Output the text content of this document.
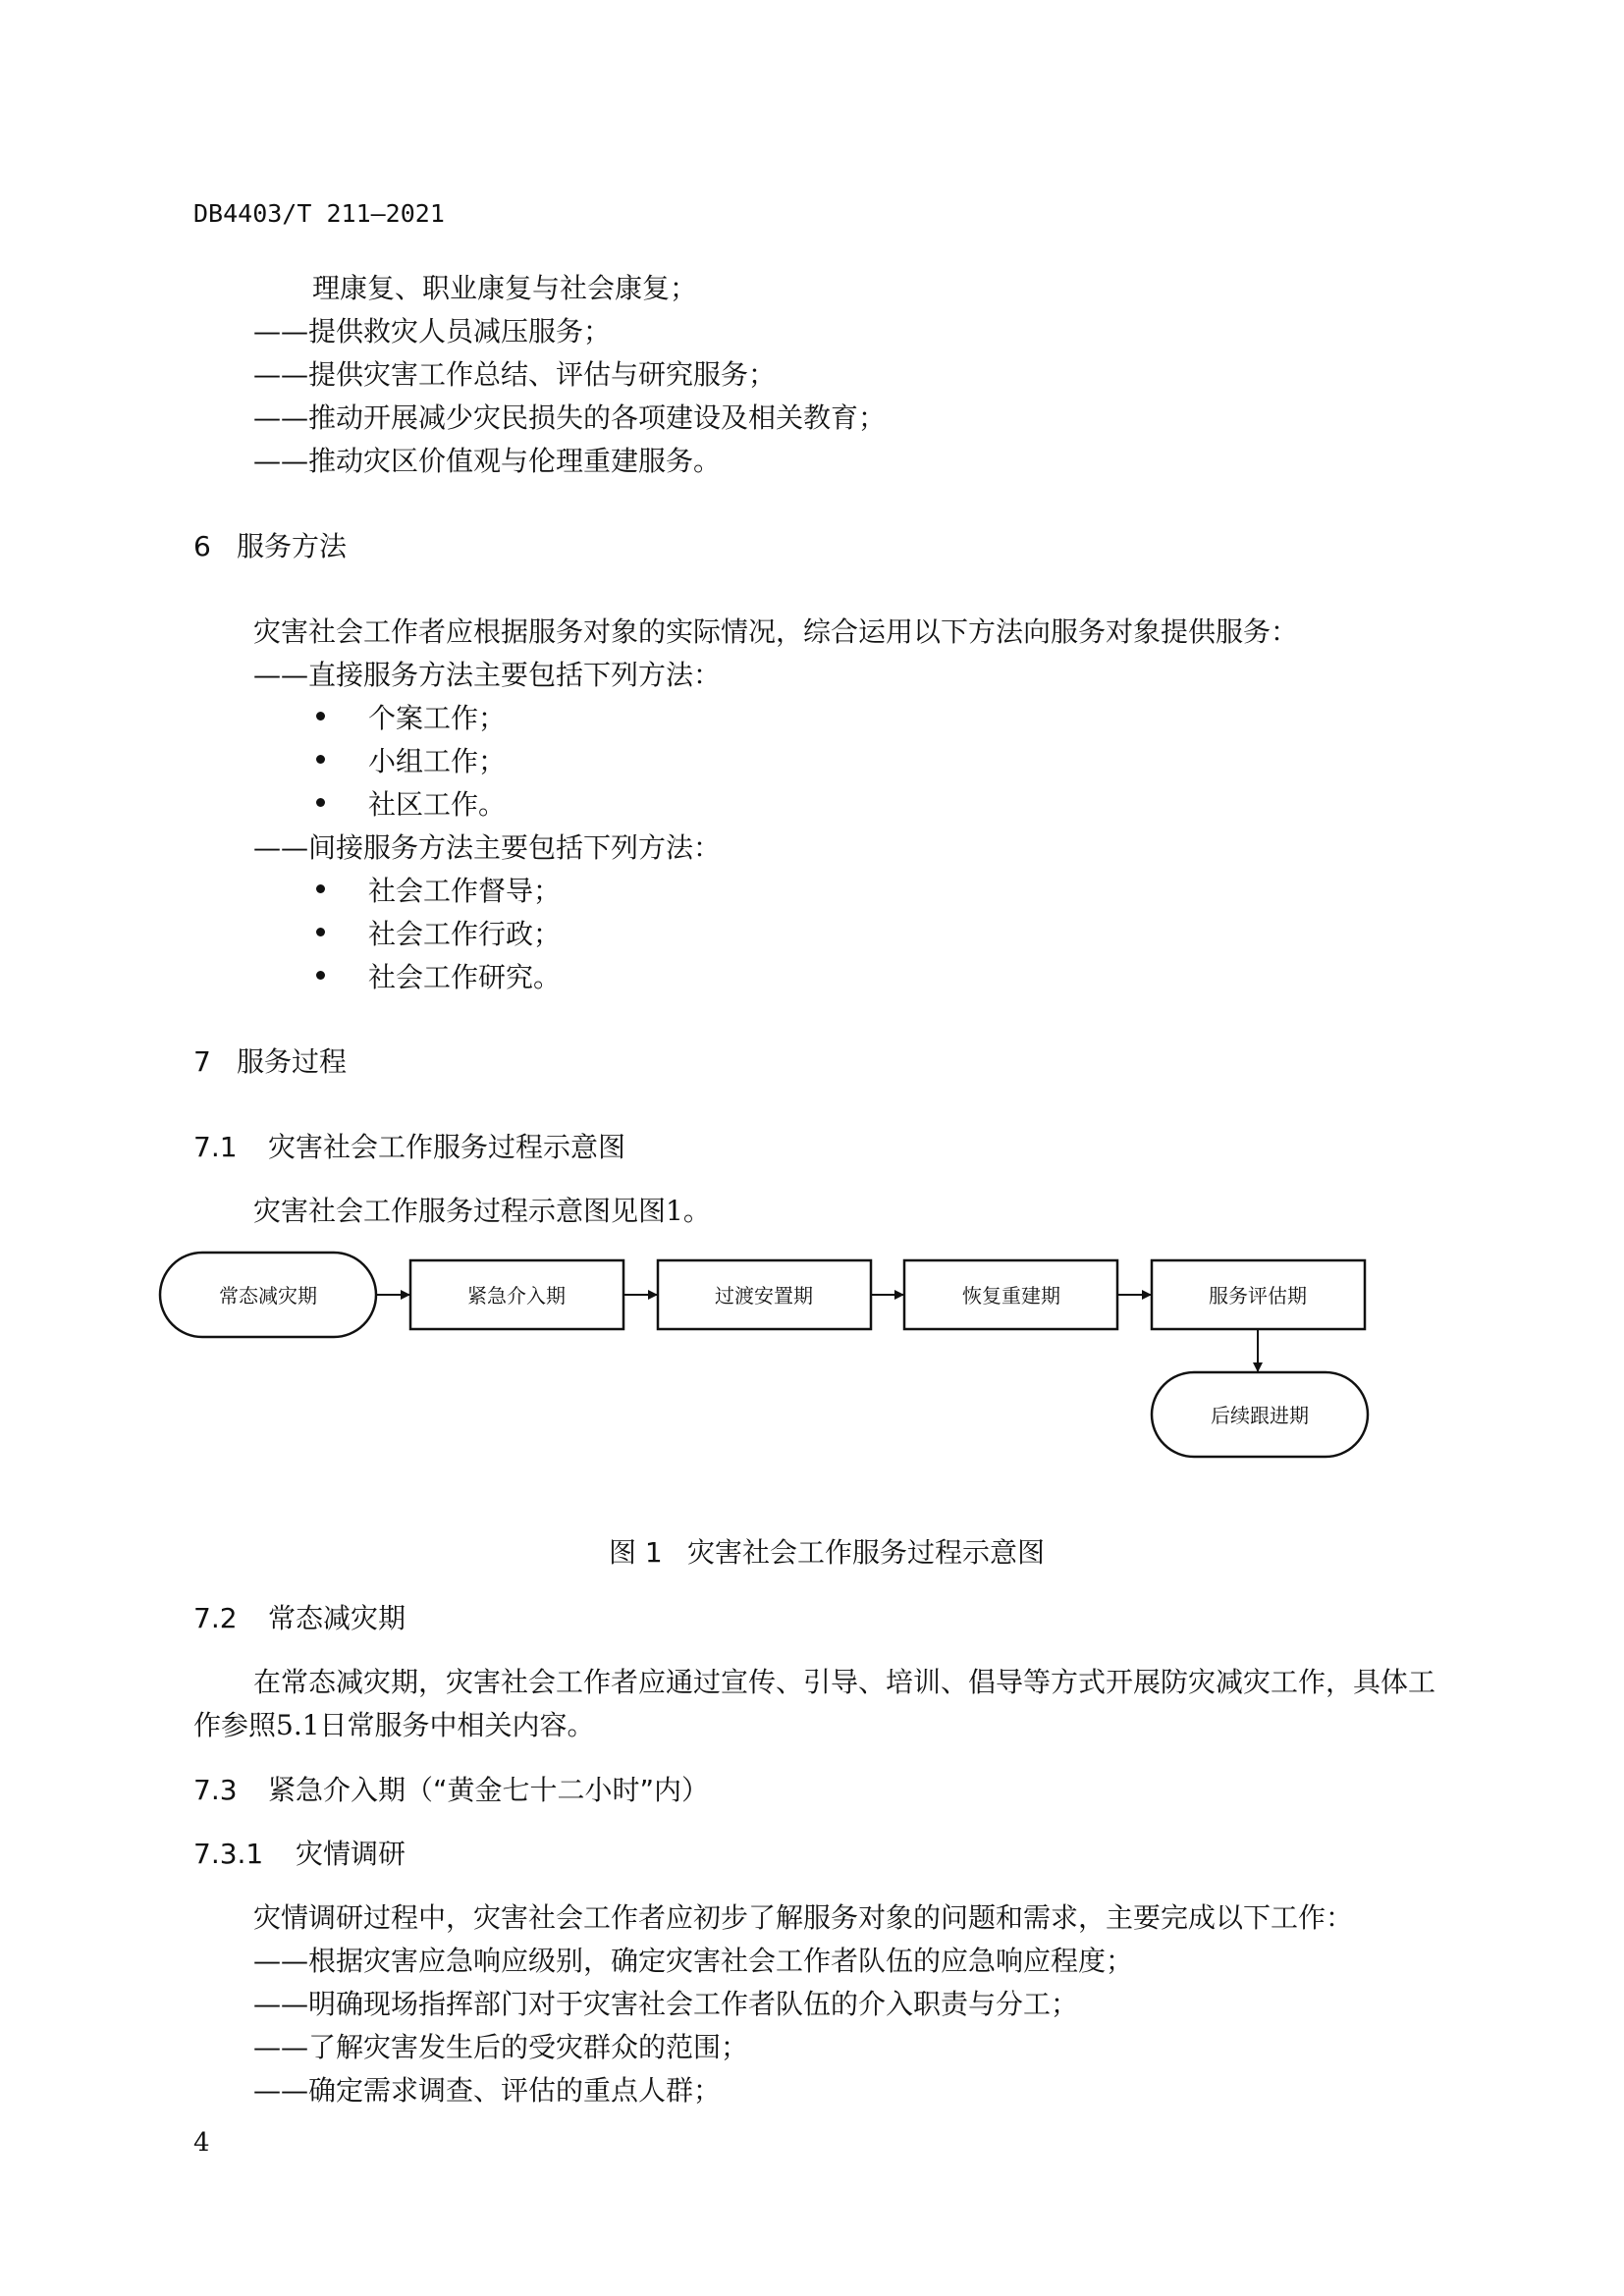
DB4403/T 211—2021
理康复、职业康复与社会康复；
——提供救灾人员减压服务；
——提供灾害工作总结、评估与研究服务；
——推动开展减少灾民损失的各项建设及相关教育；
——推动灾区价值观与伦理重建服务。
6 服务方法
灾害社会工作者应根据服务对象的实际情况，综合运用以下方法向服务对象提供服务：
——直接服务方法主要包括下列方法：
个案工作；
小组工作；
社区工作。
——间接服务方法主要包括下列方法：
社会工作督导；
社会工作行政；
社会工作研究。
7 服务过程
7.1 灾害社会工作服务过程示意图
灾害社会工作服务过程示意图见图1。
常态减灾期	紧急介入期	过渡安置期	恢复重建期	服务评估期
后续跟进期
图 1 灾害社会工作服务过程示意图
7.2 常态减灾期
在常态减灾期，灾害社会工作者应通过宣传、引导、培训、倡导等方式开展防灾减灾工作，具体工
作参照5.1日常服务中相关内容。
7.3 紧急介入期（“黄金七十二小时”内）
7.3.1 灾情调研
灾情调研过程中，灾害社会工作者应初步了解服务对象的问题和需求，主要完成以下工作：
——根据灾害应急响应级别，确定灾害社会工作者队伍的应急响应程度；
——明确现场指挥部门对于灾害社会工作者队伍的介入职责与分工；
——了解灾害发生后的受灾群众的范围；
——确定需求调查、评估的重点人群；
4
